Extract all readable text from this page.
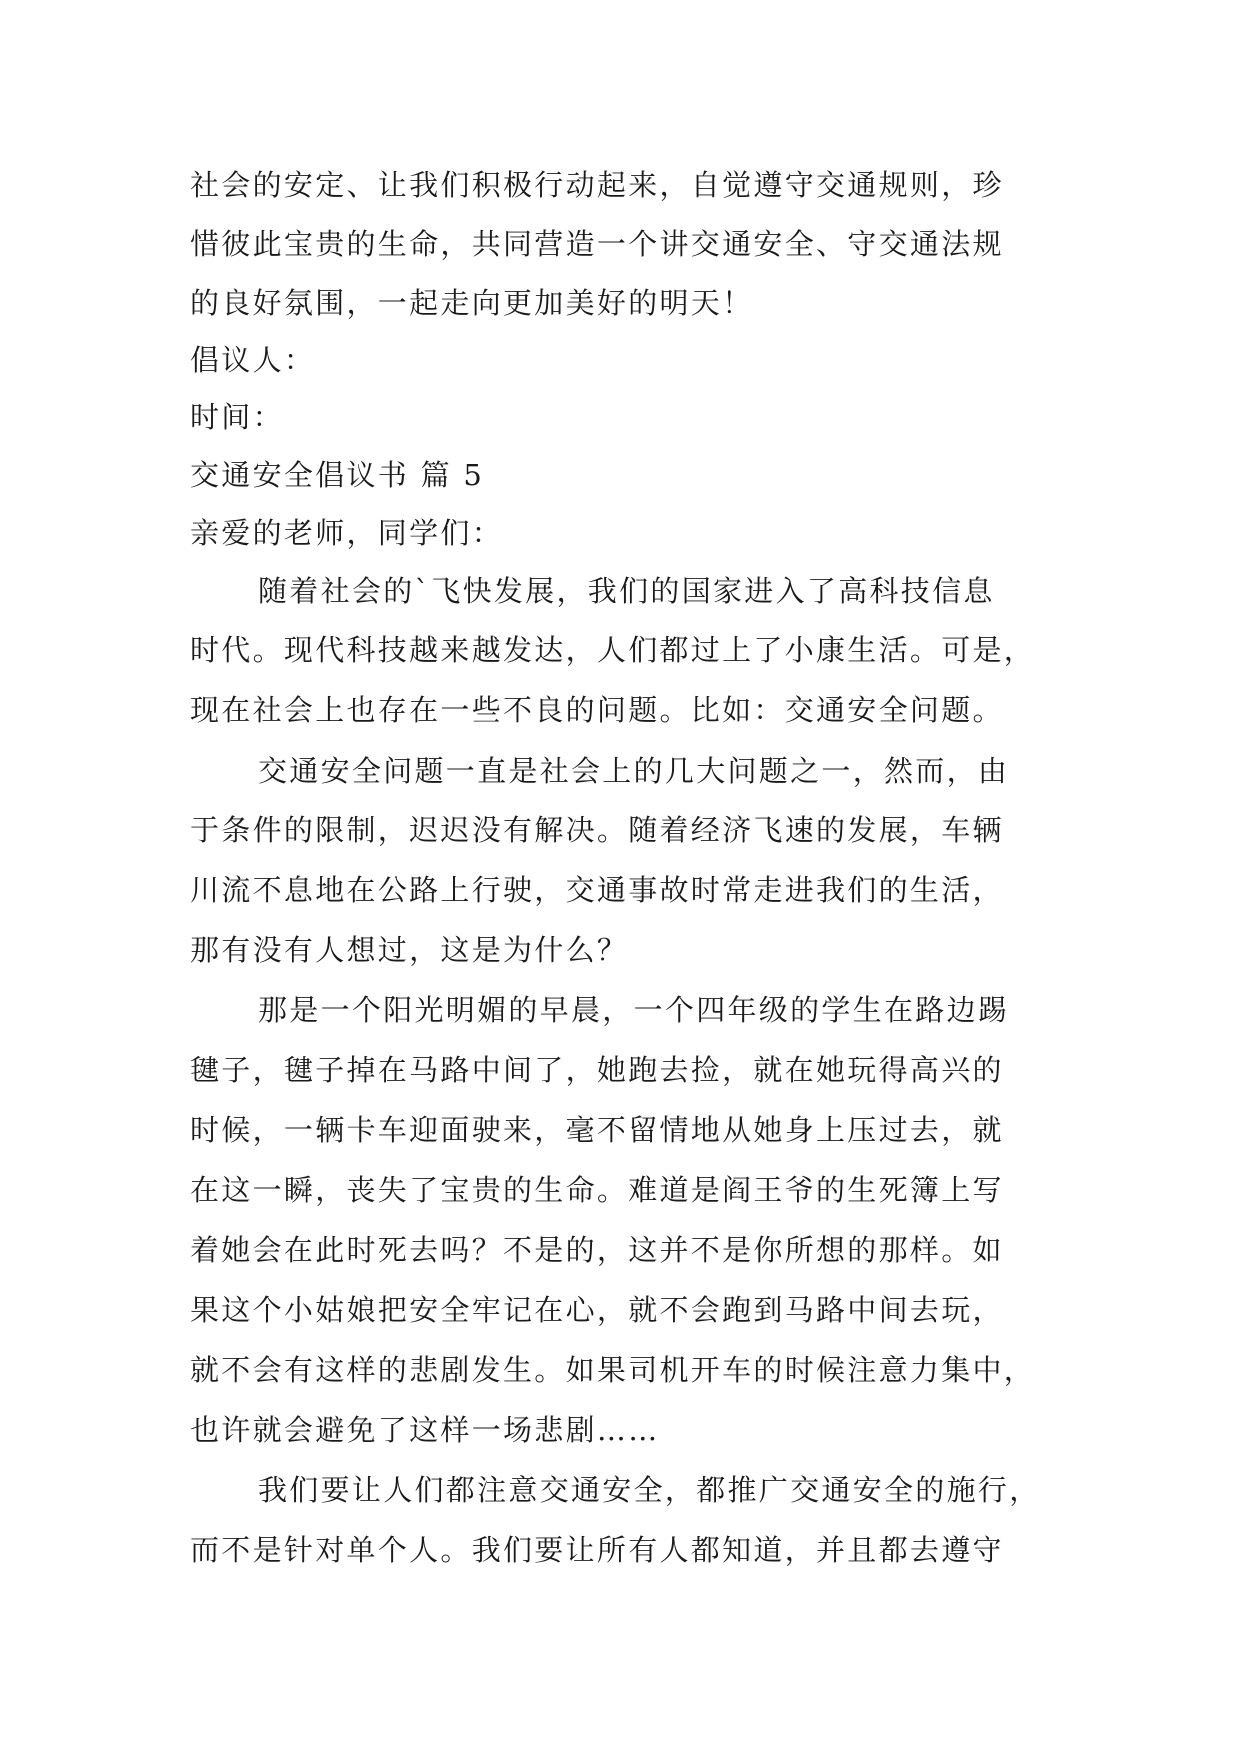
社会的安定、让我们积极行动起来，自觉遵守交通规则，珍
惜彼此宝贵的生命，共同营造一个讲交通安全、守交通法规
的良好氛围，一起走向更加美好的明天！
倡议人：
时间：
交通安全倡议书 篇 5
亲爱的老师，同学们：
随着社会的`飞快发展，我们的国家进入了高科技信息
时代。现代科技越来越发达，人们都过上了小康生活。可是，
现在社会上也存在一些不良的问题。比如：交通安全问题。
交通安全问题一直是社会上的几大问题之一，然而，由
于条件的限制，迟迟没有解决。随着经济飞速的发展，车辆
川流不息地在公路上行驶，交通事故时常走进我们的生活，
那有没有人想过，这是为什么？
那是一个阳光明媚的早晨，一个四年级的学生在路边踢
毽子，毽子掉在马路中间了，她跑去捡，就在她玩得高兴的
时候，一辆卡车迎面驶来，毫不留情地从她身上压过去，就
在这一瞬，丧失了宝贵的生命。难道是阎王爷的生死簿上写
着她会在此时死去吗？不是的，这并不是你所想的那样。如
果这个小姑娘把安全牢记在心，就不会跑到马路中间去玩，
就不会有这样的悲剧发生。如果司机开车的时候注意力集中，
也许就会避免了这样一场悲剧……
我们要让人们都注意交通安全，都推广交通安全的施行，
而不是针对单个人。我们要让所有人都知道，并且都去遵守
